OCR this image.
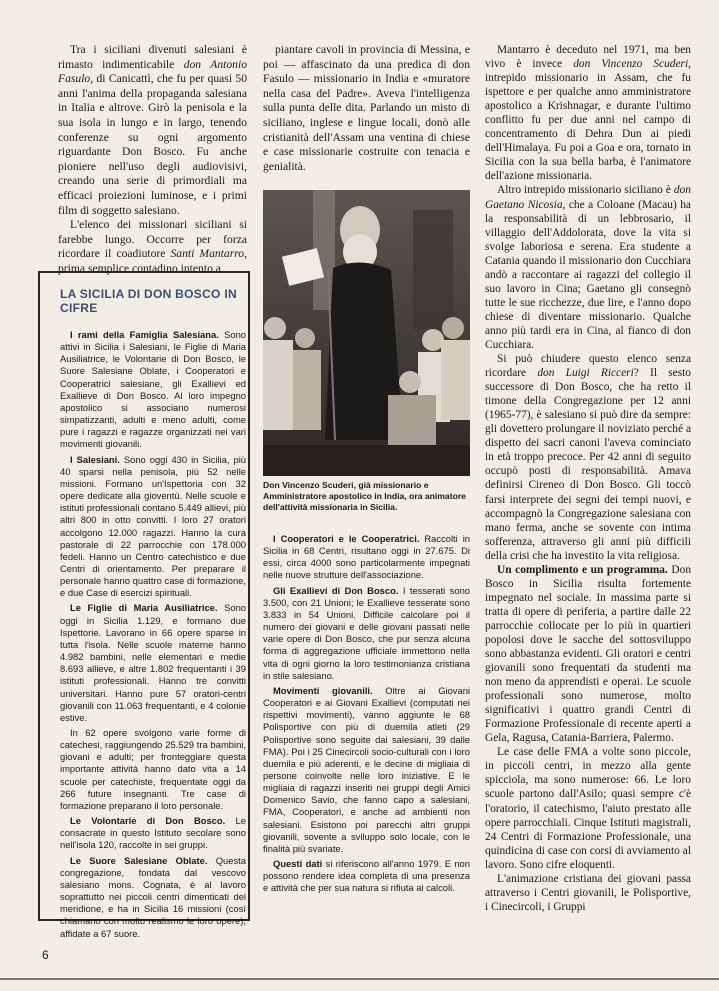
Tra i siciliani divenuti salesiani è rimasto indimenticabile don Antonio Fasulo, di Canicattì, che fu per quasi 50 anni l'anima della propaganda salesiana in Italia e altrove. Girò la penisola e la sua isola in lungo e in largo, tenendo conferenze su ogni argomento riguardante Don Bosco. Fu anche pioniere nell'uso degli audiovisivi, creando una serie di primordiali ma efficaci proiezioni luminose, e i primi film di soggetto salesiano.

L'elenco dei missionari siciliani si farebbe lungo. Occorre per forza ricordare il coadiutore Santi Mantarro, prima semplice contadino intento a

piantare cavoli in provincia di Messina, e poi — affascinato da una predica di don Fasulo — missionario in India e «muratore nella casa del Padre». Aveva l'intelligenza sulla punta delle dita. Parlando un misto di siciliano, inglese e lingue locali, donò alle cristianità dell'Assam una ventina di chiese e case missionarie costruite con tenacia e genialità.

LA SICILIA DI DON BOSCO IN CIFRE

I rami della Famiglia Salesiana. Sono attivi in Sicilia i Salesiani, le Figlie di Maria Ausiliatrice, le Volontarie di Don Bosco, le Suore Salesiane Oblate, i Cooperatori e Cooperatrici salesiane, gli Exallievi ed Exallieve di Don Bosco. Al loro impegno apostolico si associano numerosi simpatizzanti, adulti e meno adulti, come pure i ragazzi e ragazze organizzati nei vari movimenti giovanili.

I Salesiani. Sono oggi 430 in Sicilia, più 40 sparsi nella penisola, più 52 nelle missioni. Formano un'Ispettoria con 32 opere dedicate alla gioventù. Nelle scuole e istituti professionali contano 5.449 allievi, più altri 800 in otto convitti. I loro 27 oratori accolgono 12.000 ragazzi. Hanno la cura pastorale di 22 parrocchie con 178.000 fedeli. Hanno un Centro catechistico e due Centri di orientamento. Per preparare il personale hanno quattro case di formazione, e due Case di esercizi spirituali.

Le Figlie di Maria Ausiliatrice. Sono oggi in Sicilia 1.129, e formano due Ispettorie. Lavorano in 66 opere sparse in tutta l'isola. Nelle scuole materne hanno 4.982 bambini, nelle elementari e medie 8.693 allieve, e altre 1.802 frequentanti i 39 istituti professionali. Hanno tre convitti universitari. Hanno pure 57 oratori-centri giovanili con 11.063 frequentanti, e 4 colonie estive.

In 62 opere svolgono varie forme di catechesi, raggiungendo 25.529 tra bambini, giovani e adulti; per fronteggiare questa importante attività hanno dato vita a 14 scuole per catechiste, frequentate oggi da 266 future insegnanti. Tre case di formazione preparano il loro personale.

Le Volontarie di Don Bosco. Le consacrate in questo Istituto secolare sono nell'isola 120, raccolte in sei gruppi.

Le Suore Salesiane Oblate. Questa congregazione, fondata dal vescovo salesiano mons. Cognata, è al lavoro soprattutto nei piccoli centri dimenticati del meridione, e ha in Sicilia 16 missioni (così chiamano con molto realismo le loro opere), affidate a 67 suore.

Don Vincenzo Scuderi, già missionario e Amministratore apostolico in India, ora animatore dell'attività missionaria in Sicilia.

I Cooperatori e le Cooperatrici. Raccolti in Sicilia in 68 Centri, risultano oggi in 27.675. Di essi, circa 4000 sono particolarmente impegnati nelle nuove strutture dell'associazione.

Gli Exallievi di Don Bosco. I tesserati sono 3.500, con 21 Unioni; le Exallieve tesserate sono 3.833 in 54 Unioni. Difficile calcolare poi il numero dei giovani e delle giovani passati nelle varie opere di Don Bosco, che pur senza alcuna forma di aggregazione ufficiale immettono nella vita di ogni giorno la loro testimonianza cristiana in stile salesiano.

Movimenti giovanili. Oltre ai Giovani Cooperatori e ai Giovani Exallievi (computati nei rispettivi movimenti), vanno aggiunte le 68 Polisportive con più di duemila atleti (29 Polisportive sono seguite dai salesiani, 39 dalle FMA). Poi i 25 Cinecircoli socio-culturali con i loro duemila e più aderenti, e le decine di migliaia di persone coinvolte nelle loro iniziative. E le migliaia di ragazzi inseriti nei gruppi degli Amici Domenico Savio, che fanno capo a salesiani, FMA, Cooperatori, e anche ad ambienti non salesiani. Esistono poi parecchi altri gruppi giovanili, sovente a sviluppo solo locale, con le finalità più svariate.

Questi dati si riferiscono all'anno 1979. E non possono rendere idea completa di una presenza e attività che per sua natura si rifiuta ai calcoli.

Mantarro è deceduto nel 1971, ma ben vivo è invece don Vincenzo Scuderi, intrepido missionario in Assam, che fu ispettore e per qualche anno amministratore apostolico a Krishnagar, e durante l'ultimo conflitto fu per due anni nel campo di concentramento di Dehra Dun ai piedi dell'Himalaya. Fu poi a Goa e ora, tornato in Sicilia con la sua bella barba, è l'animatore dell'azione missionaria.

Altro intrepido missionario siciliano è don Gaetano Nicosia, che a Coloane (Macau) ha la responsabilità di un lebbrosario, il villaggio dell'Addolorata, dove la vita si svolge laboriosa e serena. Era studente a Catania quando il missionario don Cucchiara andò a raccontare ai ragazzi del collegio il suo lavoro in Cina; Gaetano gli consegnò tutte le sue ricchezze, due lire, e l'anno dopo chiese di diventare missionario. Qualche anno più tardi era in Cina, al fianco di don Cucchiara.

Si può chiudere questo elenco senza ricordare don Luigi Ricceri? Il sesto successore di Don Bosco, che ha retto il timone della Congregazione per 12 anni (1965-77), è salesiano si può dire da sempre: gli dovettero prolungare il noviziato perché a dispetto dei sacri canoni l'aveva cominciato in età troppo precoce. Per 42 anni di seguito occupò posti di responsabilità. Amava definirsi Cireneo di Don Bosco. Gli toccò farsi interprete dei segni dei tempi nuovi, e accompagnò la Congregazione salesiana con mano ferma, anche se sovente con intima sofferenza, attraverso gli anni più difficili della crisi che ha investito la vita religiosa.

Un complimento e un programma. Don Bosco in Sicilia risulta fortemente impegnato nel sociale. In massima parte si tratta di opere di periferia, a partire dalle 22 parrocchie collocate per lo più in quartieri popolosi dove le sacche del sottosviluppo sono abbastanza evidenti. Gli oratori e centri giovanili sono frequentati da studenti ma non meno da apprendisti e operai. Le scuole professionali sono numerose, molto significativi i quattro grandi Centri di Formazione Professionale di recente aperti a Gela, Ragusa, Catania-Barriera, Palermo.

Le case delle FMA a volte sono piccole, in piccoli centri, in mezzo alla gente spicciola, ma sono numerose: 66. Le loro scuole partono dall'Asilo; quasi sempre c'è l'oratorio, il catechismo, l'aiuto prestato alle opere parrocchiali. Cinque Istituti magistrali, 24 Centri di Formazione Professionale, una quindicina di case con corsi di avviamento al lavoro. Sono cifre eloquenti.

L'animazione cristiana dei giovani passa attraverso i Centri giovanili, le Polisportive, i Cinecircoli, i Gruppi

6
